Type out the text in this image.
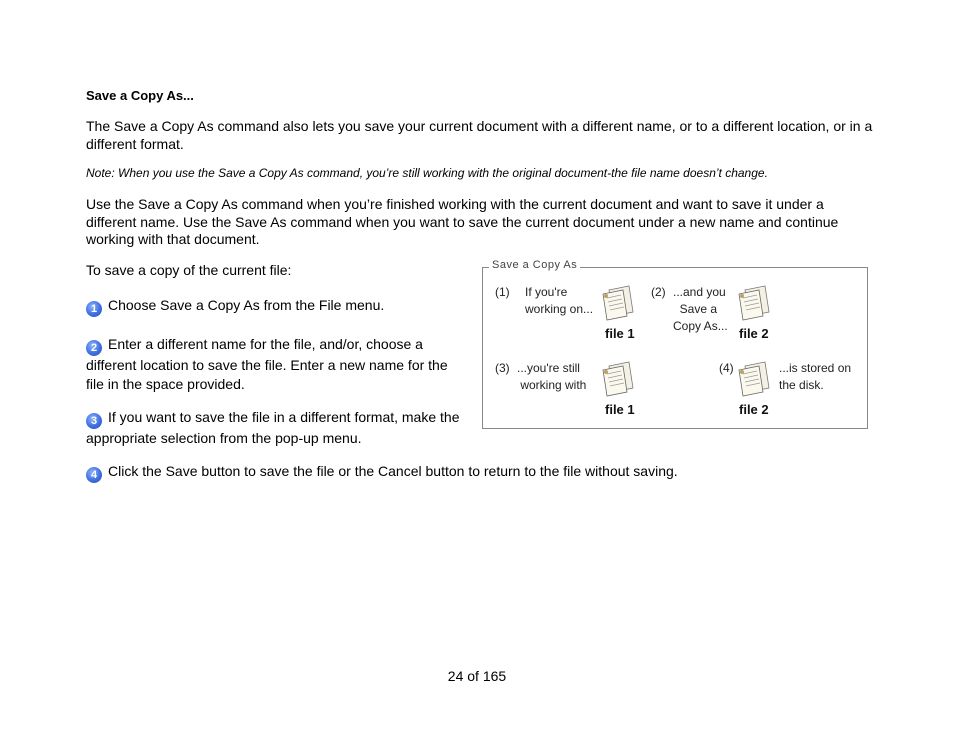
Save a Copy As...
The Save a Copy As command also lets you save your current document with a different name, or to a different location, or in a different format.
Note: When you use the Save a Copy As command, you’re still working with the original document-the file name doesn’t change.
Use the Save a Copy As command when you’re finished working with the current document and want to save it under a different name. Use the Save As command when you want to save the current document under a new name and continue working with that document.
To save a copy of the current file:
1 Choose Save a Copy As from the File menu.
2 Enter a different name for the file, and/or, choose a different location to save the file. Enter a new name for the file in the space provided.
3 If you want to save the file in a different format, make the appropriate selection from the pop-up menu.
4 Click the Save button to save the file or the Cancel button to return to the file without saving.
Save a Copy As
(1) If you're
working on...
file 1
(2) ...and you
Save a
Copy As... file 2
(3) ...you're still
working with
file 1
(4)	...is stored on
the disk.
file 2
24 of 165
